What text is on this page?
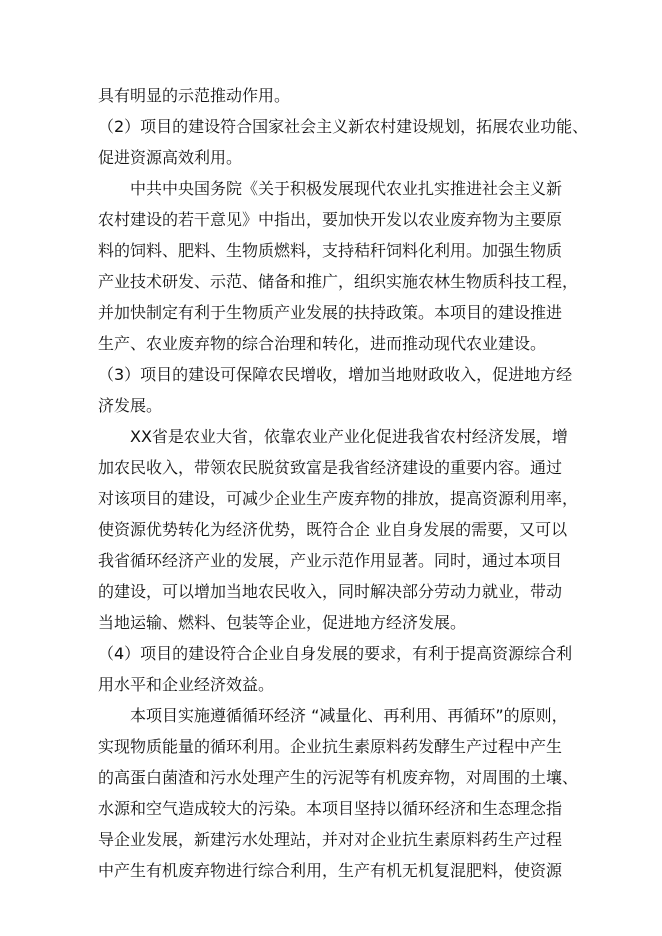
具有明显的示范推动作用。
（2）项目的建设符合国家社会主义新农村建设规划，拓展农业功能、
促进资源高效利用。
中共中央国务院《关于积极发展现代农业扎实推进社会主义新
农村建设的若干意见》中指出，要加快开发以农业废弃物为主要原
料的饲料、肥料、生物质燃料，支持秸秆饲料化利用。加强生物质
产业技术研发、示范、储备和推广，组织实施农林生物质科技工程，
并加快制定有利于生物质产业发展的扶持政策。本项目的建设推进
生产、农业废弃物的综合治理和转化，进而推动现代农业建设。
（3）项目的建设可保障农民增收，增加当地财政收入，促进地方经
济发展。
XX省是农业大省，依靠农业产业化促进我省农村经济发展，增
加农民收入，带领农民脱贫致富是我省经济建设的重要内容。通过
对该项目的建设，可减少企业生产废弃物的排放，提高资源利用率，
使资源优势转化为经济优势，既符合企 业自身发展的需要，又可以
我省循环经济产业的发展，产业示范作用显著。同时，通过本项目
的建设，可以增加当地农民收入，同时解决部分劳动力就业，带动
当地运输、燃料、包装等企业，促进地方经济发展。
（4）项目的建设符合企业自身发展的要求，有利于提高资源综合利
用水平和企业经济效益。
本项目实施遵循循环经济 “减量化、再利用、再循环”的原则，
实现物质能量的循环利用。企业抗生素原料药发酵生产过程中产生
的高蛋白菌渣和污水处理产生的污泥等有机废弃物，对周围的土壤、
水源和空气造成较大的污染。本项目坚持以循环经济和生态理念指
导企业发展，新建污水处理站，并对对企业抗生素原料药生产过程
中产生有机废弃物进行综合利用，生产有机无机复混肥料，使资源
